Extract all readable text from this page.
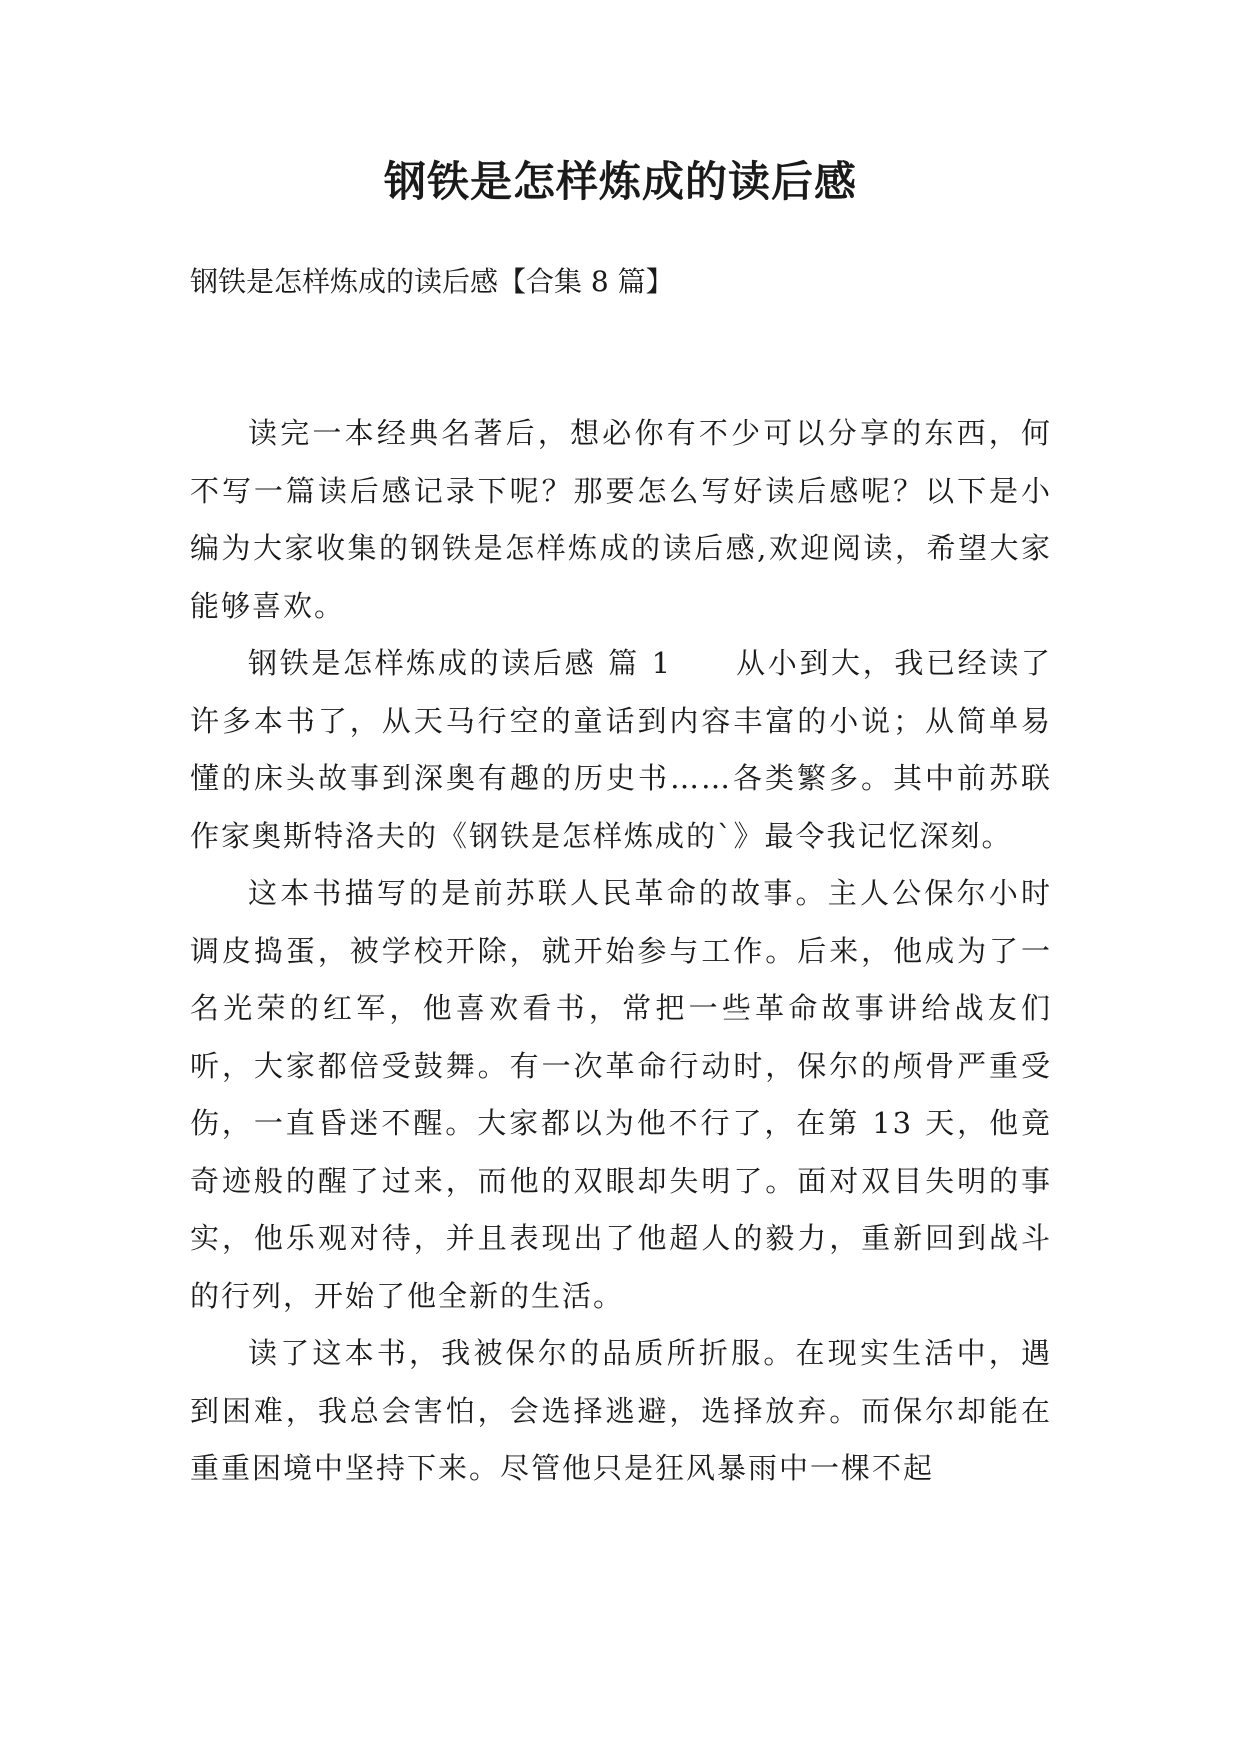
钢铁是怎样炼成的读后感

钢铁是怎样炼成的读后感【合集 8 篇】

读完一本经典名著后，想必你有不少可以分享的东西，何不写一篇读后感记录下呢？那要怎么写好读后感呢？以下是小编为大家收集的钢铁是怎样炼成的读后感,欢迎阅读，希望大家能够喜欢。

钢铁是怎样炼成的读后感 篇 1　　从小到大，我已经读了许多本书了，从天马行空的童话到内容丰富的小说；从简单易懂的床头故事到深奥有趣的历史书……各类繁多。其中前苏联作家奥斯特洛夫的《钢铁是怎样炼成的`》最令我记忆深刻。

这本书描写的是前苏联人民革命的故事。主人公保尔小时调皮捣蛋，被学校开除，就开始参与工作。后来，他成为了一名光荣的红军，他喜欢看书，常把一些革命故事讲给战友们听，大家都倍受鼓舞。有一次革命行动时，保尔的颅骨严重受伤，一直昏迷不醒。大家都以为他不行了，在第 13 天，他竟奇迹般的醒了过来，而他的双眼却失明了。面对双目失明的事实，他乐观对待，并且表现出了他超人的毅力，重新回到战斗的行列，开始了他全新的生活。

读了这本书，我被保尔的品质所折服。在现实生活中，遇到困难，我总会害怕，会选择逃避，选择放弃。而保尔却能在重重困境中坚持下来。尽管他只是狂风暴雨中一棵不起
